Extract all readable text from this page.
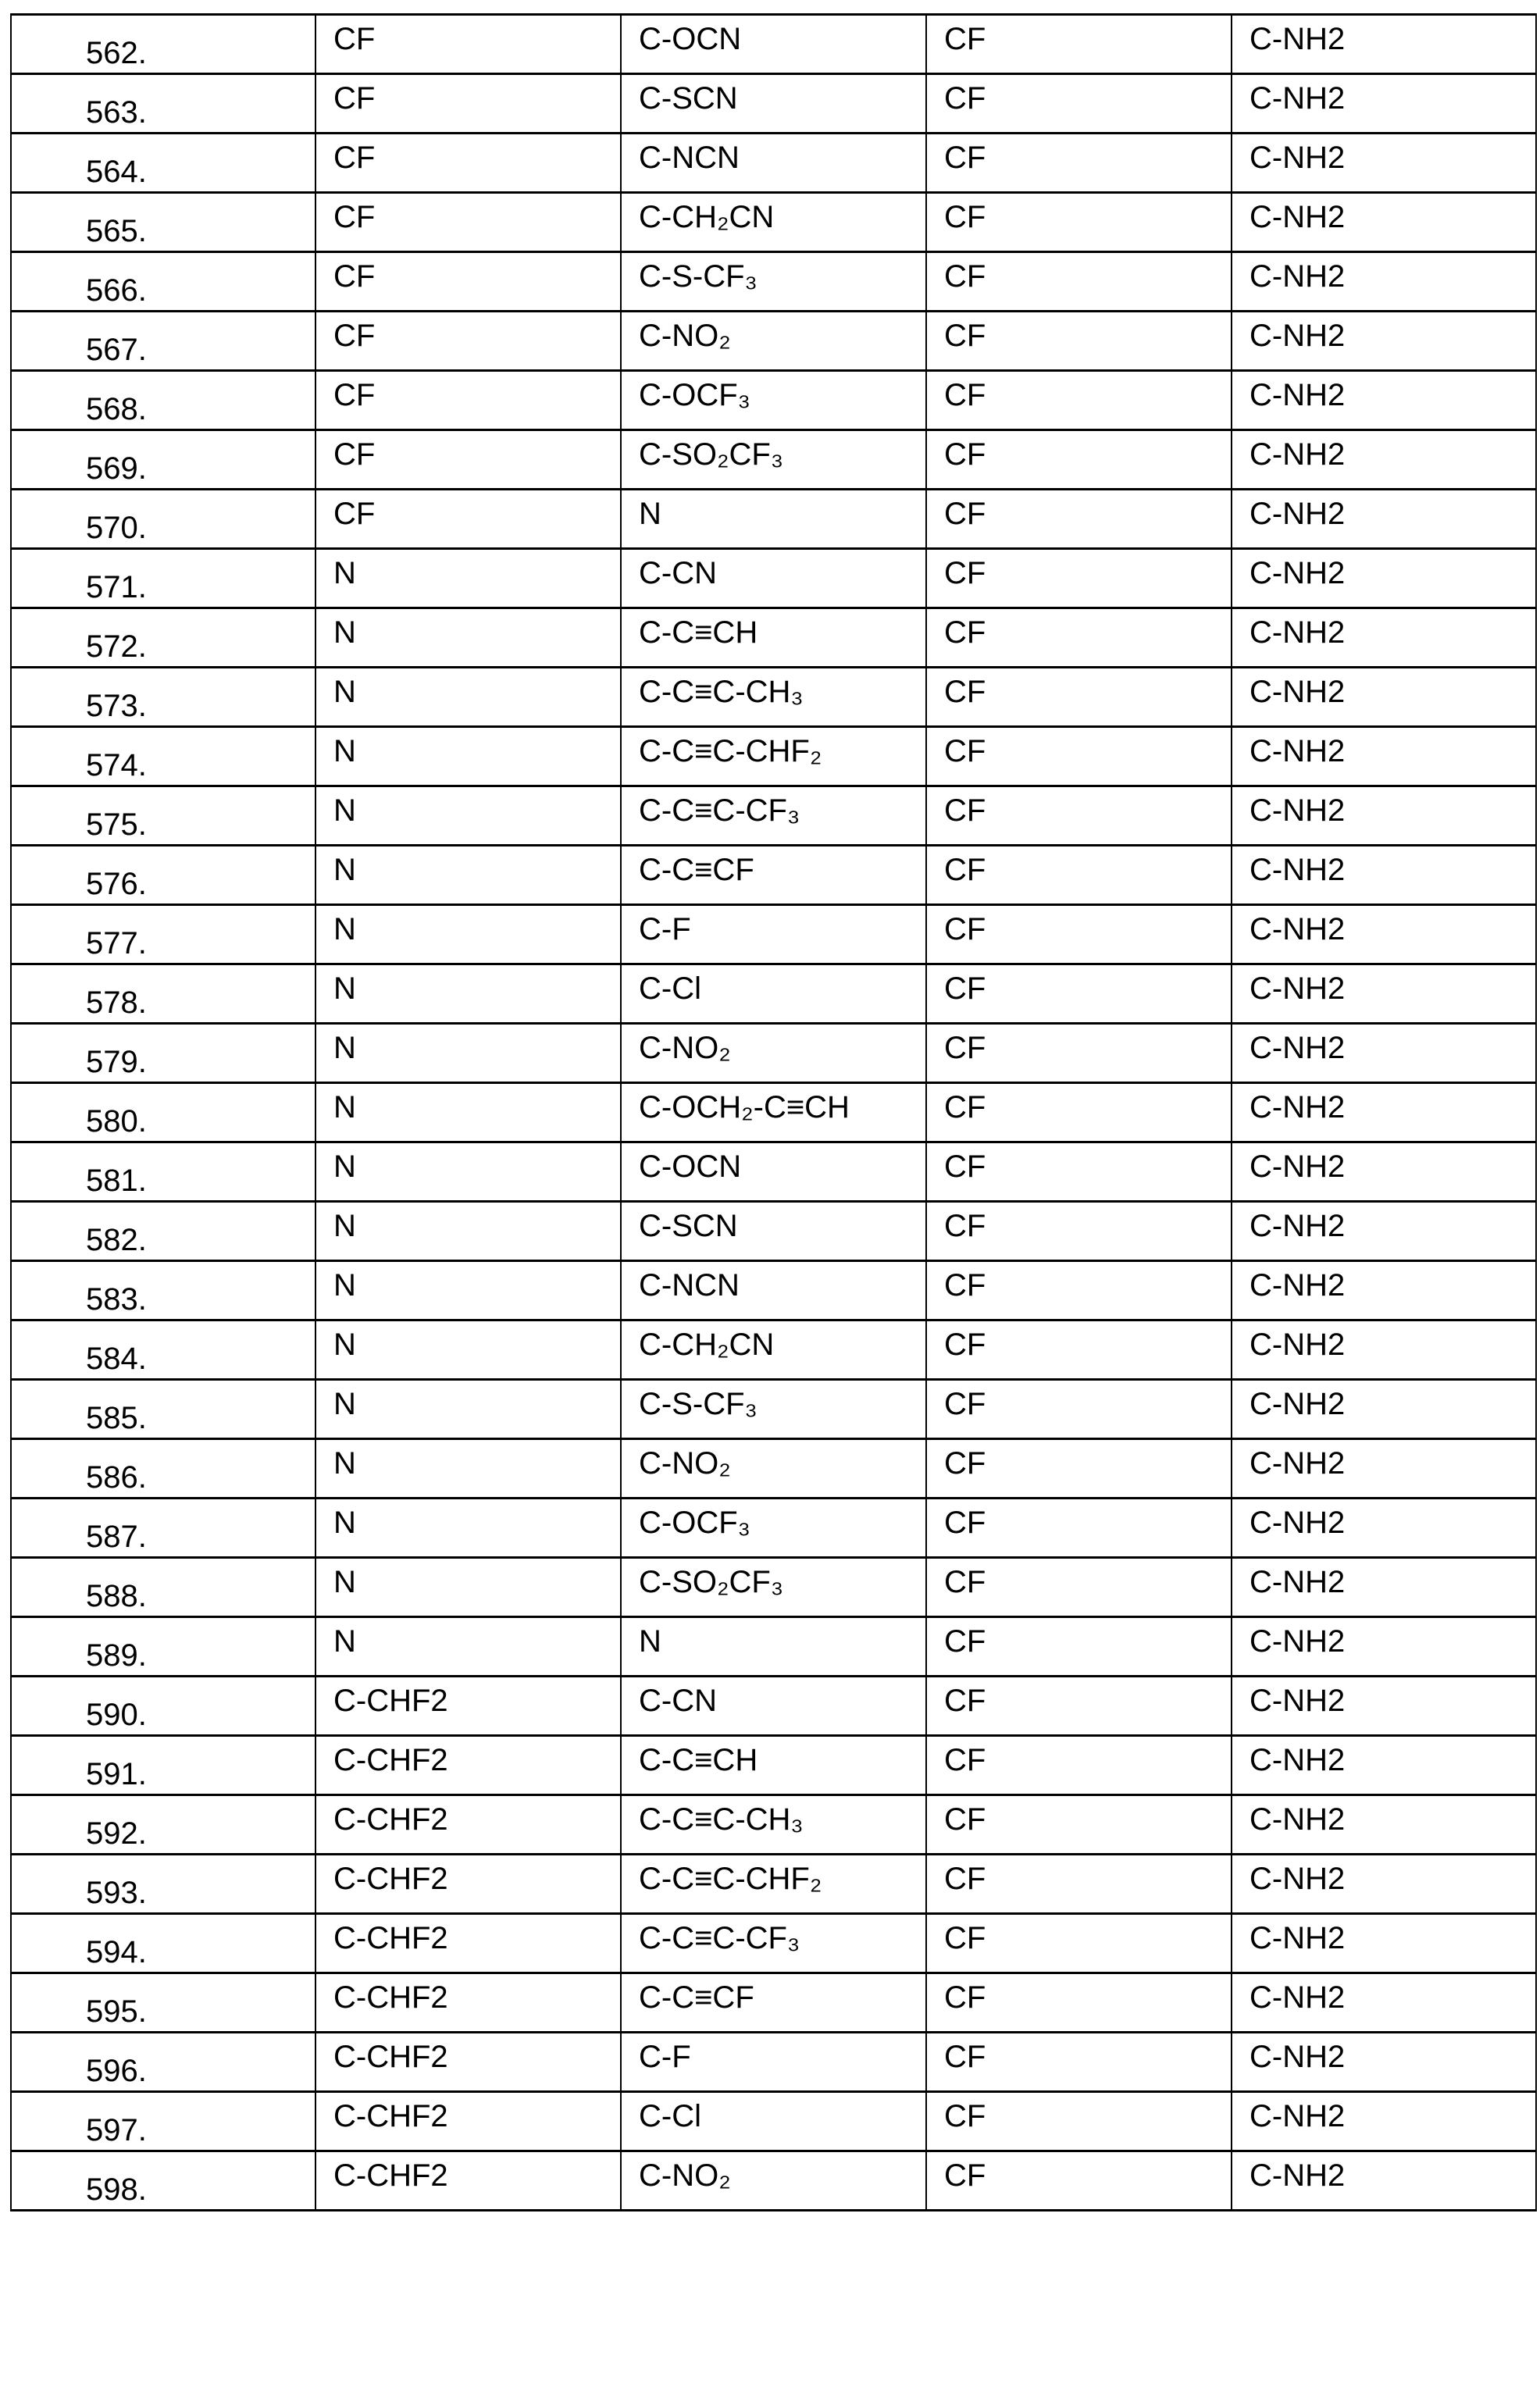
562.	CF	C-OCN	CF	C-NH2
563.	CF	C-SCN	CF	C-NH2
564.	CF	C-NCN	CF	C-NH2
565.	CF	C-CH₂CN	CF	C-NH2
566.	CF	C-S-CF₃	CF	C-NH2
567.	CF	C-NO₂	CF	C-NH2
568.	CF	C-OCF₃	CF	C-NH2
569.	CF	C-SO₂CF₃	CF	C-NH2
570.	CF	N	CF	C-NH2
571.	N	C-CN	CF	C-NH2
572.	N	C-C≡CH	CF	C-NH2
573.	N	C-C≡C-CH₃	CF	C-NH2
574.	N	C-C≡C-CHF₂	CF	C-NH2
575.	N	C-C≡C-CF₃	CF	C-NH2
576.	N	C-C≡CF	CF	C-NH2
577.	N	C-F	CF	C-NH2
578.	N	C-Cl	CF	C-NH2
579.	N	C-NO₂	CF	C-NH2
580.	N	C-OCH₂-C≡CH	CF	C-NH2
581.	N	C-OCN	CF	C-NH2
582.	N	C-SCN	CF	C-NH2
583.	N	C-NCN	CF	C-NH2
584.	N	C-CH₂CN	CF	C-NH2
585.	N	C-S-CF₃	CF	C-NH2
586.	N	C-NO₂	CF	C-NH2
587.	N	C-OCF₃	CF	C-NH2
588.	N	C-SO₂CF₃	CF	C-NH2
589.	N	N	CF	C-NH2
590.	C-CHF2	C-CN	CF	C-NH2
591.	C-CHF2	C-C≡CH	CF	C-NH2
592.	C-CHF2	C-C≡C-CH₃	CF	C-NH2
593.	C-CHF2	C-C≡C-CHF₂	CF	C-NH2
594.	C-CHF2	C-C≡C-CF₃	CF	C-NH2
595.	C-CHF2	C-C≡CF	CF	C-NH2
596.	C-CHF2	C-F	CF	C-NH2
597.	C-CHF2	C-Cl	CF	C-NH2
598.	C-CHF2	C-NO₂	CF	C-NH2
